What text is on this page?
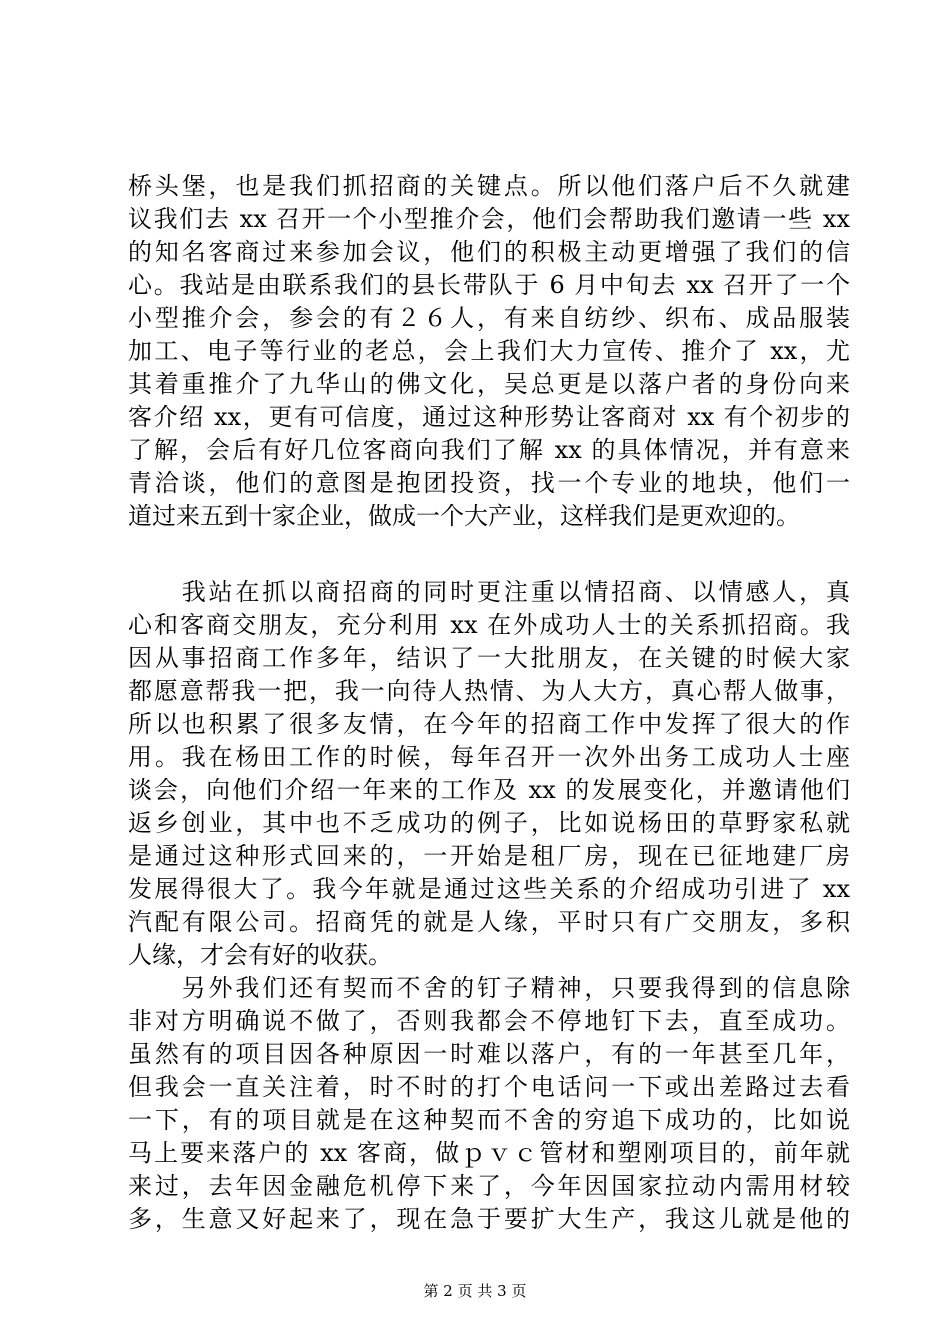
桥头堡，也是我们抓招商的关键点。所以他们落户后不久就建
议我们去 xx 召开一个小型推介会，他们会帮助我们邀请一些 xx
的知名客商过来参加会议，他们的积极主动更增强了我们的信
心。我站是由联系我们的县长带队于 6 月中旬去 xx 召开了一个
小型推介会，参会的有２６人，有来自纺纱、织布、成品服装
加工、电子等行业的老总，会上我们大力宣传、推介了 xx，尤
其着重推介了九华山的佛文化，吴总更是以落户者的身份向来
客介绍 xx，更有可信度，通过这种形势让客商对 xx 有个初步的
了解，会后有好几位客商向我们了解 xx 的具体情况，并有意来
青洽谈，他们的意图是抱团投资，找一个专业的地块，他们一
道过来五到十家企业，做成一个大产业，这样我们是更欢迎的。
　　我站在抓以商招商的同时更注重以情招商、以情感人，真
心和客商交朋友，充分利用 xx 在外成功人士的关系抓招商。我
因从事招商工作多年，结识了一大批朋友，在关键的时候大家
都愿意帮我一把，我一向待人热情、为人大方，真心帮人做事，
所以也积累了很多友情，在今年的招商工作中发挥了很大的作
用。我在杨田工作的时候，每年召开一次外出务工成功人士座
谈会，向他们介绍一年来的工作及 xx 的发展变化，并邀请他们
返乡创业，其中也不乏成功的例子，比如说杨田的草野家私就
是通过这种形式回来的，一开始是租厂房，现在已征地建厂房
发展得很大了。我今年就是通过这些关系的介绍成功引进了 xx
汽配有限公司。招商凭的就是人缘，平时只有广交朋友，多积
人缘，才会有好的收获。
　　另外我们还有契而不舍的钉子精神，只要我得到的信息除
非对方明确说不做了，否则我都会不停地钉下去，直至成功。
虽然有的项目因各种原因一时难以落户，有的一年甚至几年，
但我会一直关注着，时不时的打个电话问一下或出差路过去看
一下，有的项目就是在这种契而不舍的穷追下成功的，比如说
马上要来落户的 xx 客商，做ｐｖｃ管材和塑刚项目的，前年就
来过，去年因金融危机停下来了，今年因国家拉动内需用材较
多，生意又好起来了，现在急于要扩大生产，我这儿就是他的
第 2 页 共 3 页
